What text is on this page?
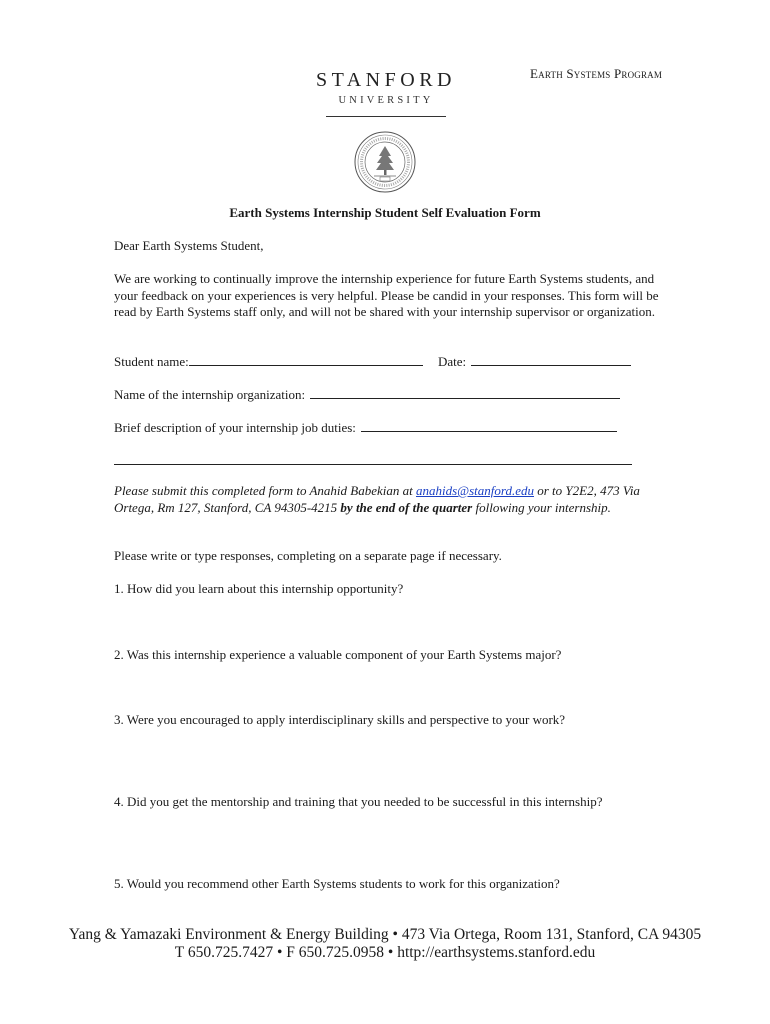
STANFORD
UNIVERSITY
Earth Systems Program
Earth Systems Internship Student Self Evaluation Form
Dear Earth Systems Student,
We are working to continually improve the internship experience for future Earth Systems students, and your feedback on your experiences is very helpful. Please be candid in your responses. This form will be read by Earth Systems staff only, and will not be shared with your internship supervisor or organization.
Student name:	Date:
Name of the internship organization:
Brief description of your internship job duties:
Please submit this completed form to Anahid Babekian at anahids@stanford.edu or to Y2E2, 473 Via Ortega, Rm 127, Stanford, CA 94305-4215 by the end of the quarter following your internship.
Please write or type responses, completing on a separate page if necessary.
1. How did you learn about this internship opportunity?
2. Was this internship experience a valuable component of your Earth Systems major?
3. Were you encouraged to apply interdisciplinary skills and perspective to your work?
4. Did you get the mentorship and training that you needed to be successful in this internship?
5. Would you recommend other Earth Systems students to work for this organization?
Yang & Yamazaki Environment & Energy Building • 473 Via Ortega, Room 131, Stanford, CA 94305
T 650.725.7427 • F 650.725.0958 • http://earthsystems.stanford.edu
